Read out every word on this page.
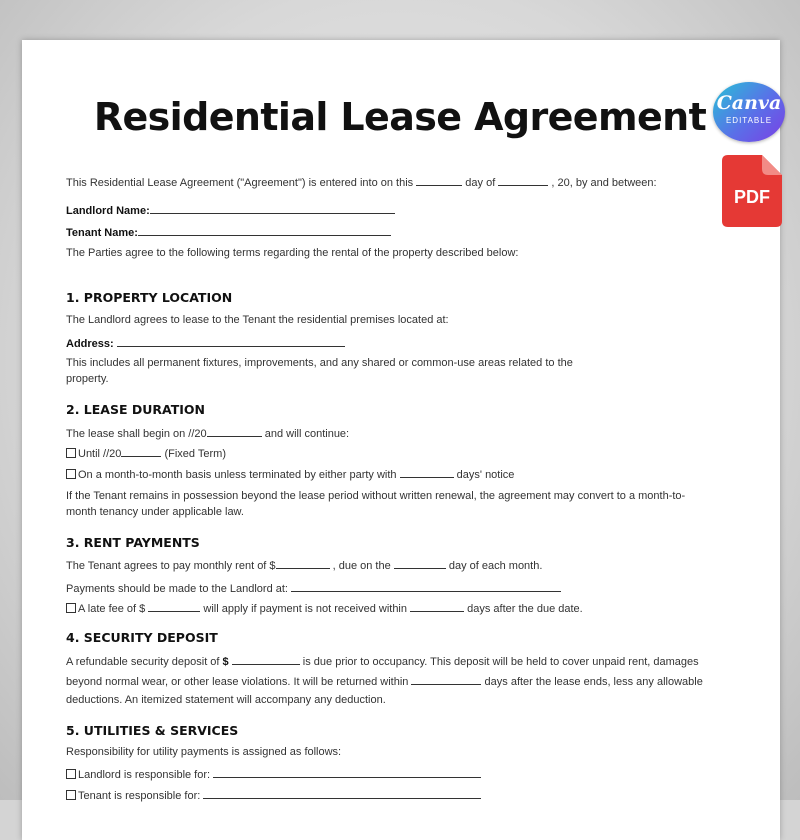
Residential Lease Agreement Canva
EDITABLE
PDF
This Residential Lease Agreement ("Agreement") is entered into on this	day of	, 20, by and between:
Landlord Name:
Tenant Name:
The Parties agree to the following terms regarding the rental of the property described below:
1. PROPERTY LOCATION
The Landlord agrees to lease to the Tenant the residential premises located at:
Address:
This includes all permanent fixtures, improvements, and any shared or common-use areas related to the
property.
2. LEASE DURATION
The lease shall begin on //20	and will continue:
Until //20	(Fixed Term)
On a month-to-month basis unless terminated by either party with	days' notice
If the Tenant remains in possession beyond the lease period without written renewal, the agreement may convert to a month-to-
month tenancy under applicable law.
3. RENT PAYMENTS
The Tenant agrees to pay monthly rent of $	, due on the	day of each month.
Payments should be made to the Landlord at:
A late fee of $	will apply if payment is not received within	days after the due date.
4. SECURITY DEPOSIT
A refundable security deposit of $	is due prior to occupancy. This deposit will be held to cover unpaid rent, damages
beyond normal wear, or other lease violations. It will be returned within	days after the lease ends, less any allowable
deductions. An itemized statement will accompany any deduction.
5. UTILITIES & SERVICES
Responsibility for utility payments is assigned as follows:
Landlord is responsible for:
Tenant is responsible for:
